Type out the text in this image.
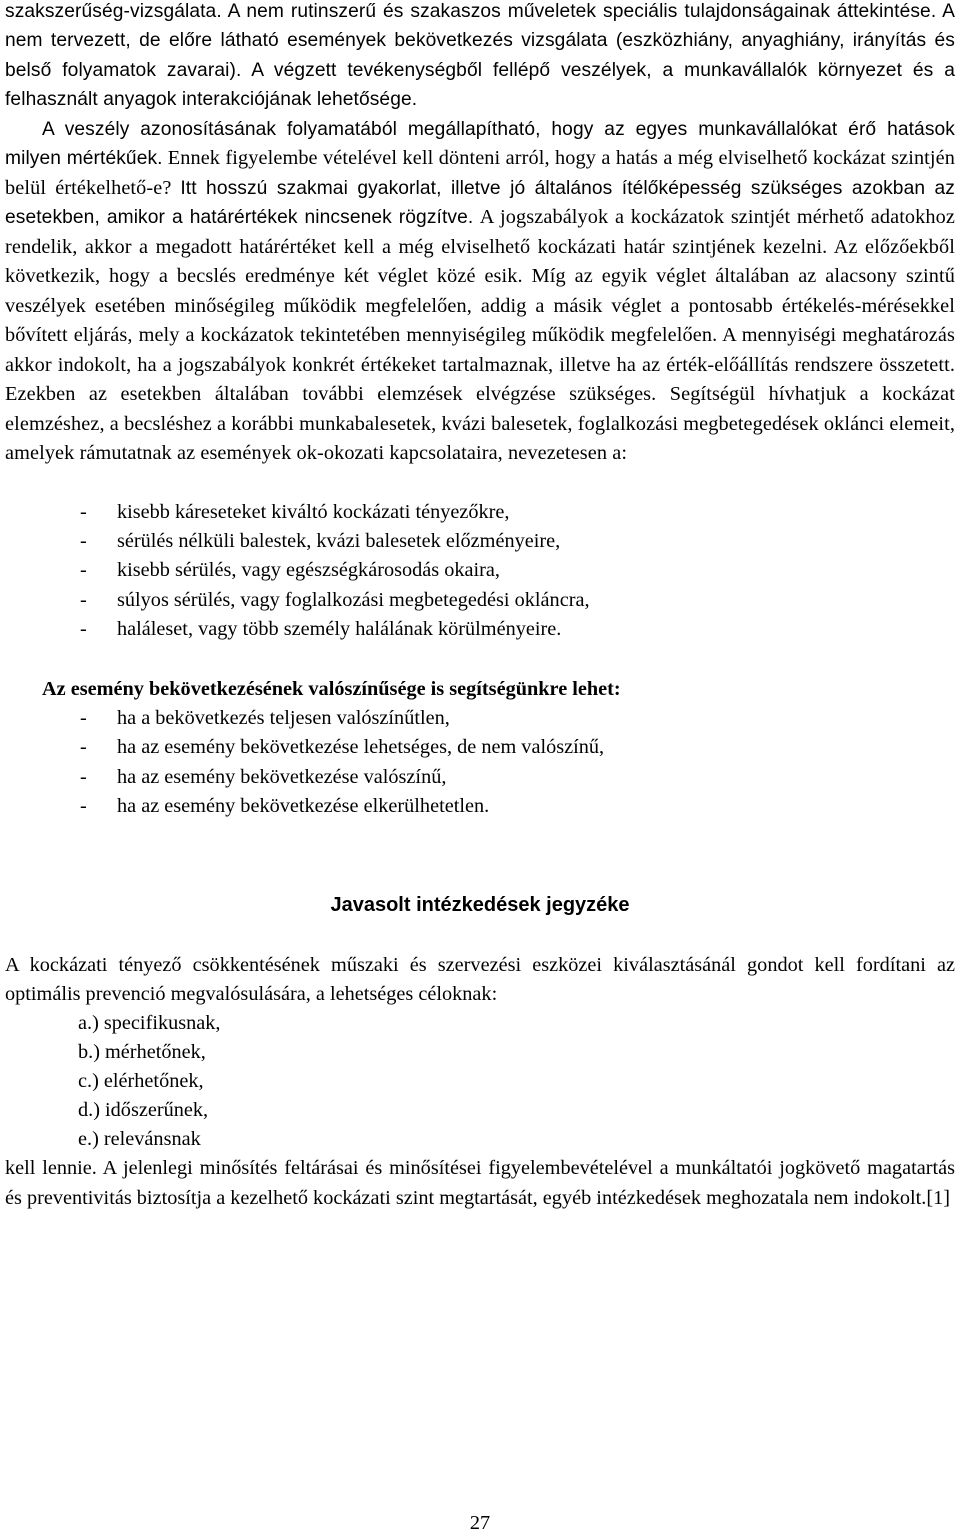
szakszerűség-vizsgálata. A nem rutinszerű és szakaszos műveletek speciális tulajdonságainak áttekintése. A nem tervezett, de előre látható események bekövetkezés vizsgálata (eszközhiány, anyaghiány, irányítás és belső folyamatok zavarai). A végzett tevékenységből fellépő veszélyek, a munkavállalók környezet és a felhasznált anyagok interakciójának lehetősége.

A veszély azonosításának folyamatából megállapítható, hogy az egyes munkavállalókat érő hatások milyen mértékűek. Ennek figyelembe vételével kell dönteni arról, hogy a hatás a még elviselhető kockázat szintjén belül értékelhető-e? Itt hosszú szakmai gyakorlat, illetve jó általános ítélőképesség szükséges azokban az esetekben, amikor a határértékek nincsenek rögzítve. A jogszabályok a kockázatok szintjét mérhető adatokhoz rendelik, akkor a megadott határértéket kell a még elviselhető kockázati határ szintjének kezelni. Az előzőekből következik, hogy a becslés eredménye két véglet közé esik. Míg az egyik véglet általában az alacsony szintű veszélyek esetében minőségileg működik megfelelően, addig a másik véglet a pontosabb értékelés-mérésekkel bővített eljárás, mely a kockázatok tekintetében mennyiségileg működik megfelelően. A mennyiségi meghatározás akkor indokolt, ha a jogszabályok konkrét értékeket tartalmaznak, illetve ha az érték-előállítás rendszere összetett. Ezekben az esetekben általában további elemzések elvégzése szükséges. Segítségül hívhatjuk a kockázat elemzéshez, a becsléshez a korábbi munkabalesetek, kvázi balesetek, foglalkozási megbetegedések oklánci elemeit, amelyek rámutatnak az események ok-okozati kapcsolataira, nevezetesen a:

- kisebb káreseteket kiváltó kockázati tényezőkre,
- sérülés nélküli balestek, kvázi balesetek előzményeire,
- kisebb sérülés, vagy egészségkárosodás okaira,
- súlyos sérülés, vagy foglalkozási megbetegedési okláncra,
- haláleset, vagy több személy halálának körülményeire.

Az esemény bekövetkezésének valószínűsége is segítségünkre lehet:

- ha a bekövetkezés teljesen valószínűtlen,
- ha az esemény bekövetkezése lehetséges, de nem valószínű,
- ha az esemény bekövetkezése valószínű,
- ha az esemény bekövetkezése elkerülhetetlen.
Javasolt intézkedések jegyzéke

A kockázati tényező csökkentésének műszaki és szervezési eszközei kiválasztásánál gondot kell fordítani az optimális prevenció megvalósulására, a lehetséges céloknak:

a.) specifikusnak,
b.) mérhetőnek,
c.) elérhetőnek,
d.) időszerűnek,
e.) relevánsnak

kell lennie. A jelenlegi minősítés feltárásai és minősítései figyelembevételével a munkáltatói jogkövető magatartás és preventivitás biztosítja a kezelhető kockázati szint megtartását, egyéb intézkedések meghozatala nem indokolt.[1]

27
